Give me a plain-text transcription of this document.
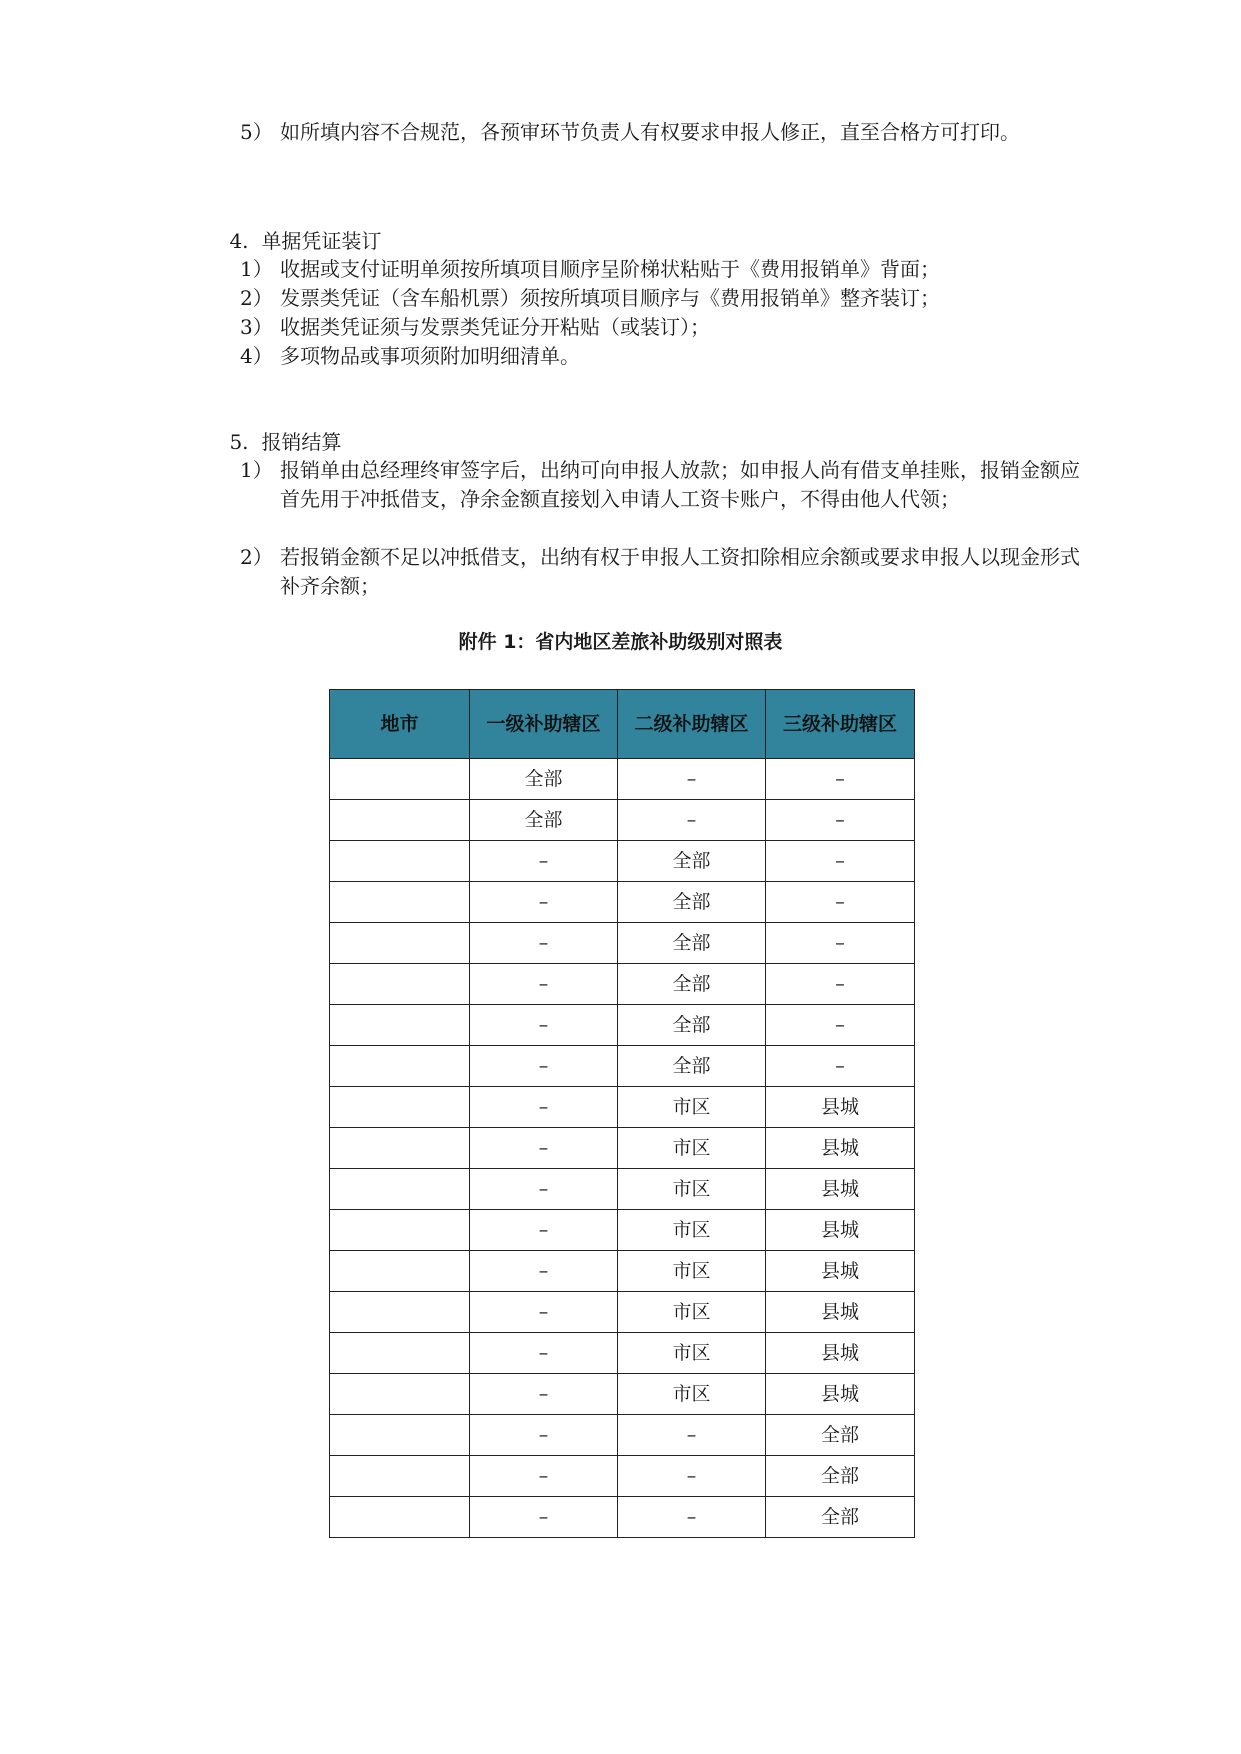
5） 如所填内容不合规范，各预审环节负责人有权要求申报人修正，直至合格方可打印。

4. 单据凭证装订

1） 收据或支付证明单须按所填项目顺序呈阶梯状粘贴于《费用报销单》背面；
2） 发票类凭证（含车船机票）须按所填项目顺序与《费用报销单》整齐装订；
3） 收据类凭证须与发票类凭证分开粘贴（或装订）；
4） 多项物品或事项须附加明细清单。

5. 报销结算

1） 报销单由总经理终审签字后，出纳可向申报人放款；如申报人尚有借支单挂账，报销金额应首先用于冲抵借支，净余金额直接划入申请人工资卡账户，不得由他人代领；
2） 若报销金额不足以冲抵借支，出纳有权于申报人工资扣除相应余额或要求申报人以现金形式补齐余额；
附件 1：省内地区差旅补助级别对照表
地市	一级补助辖区	二级补助辖区	三级补助辖区
	全部	–	–
	全部	–	–
	–	全部	–
	–	全部	–
	–	全部	–
	–	全部	–
	–	全部	–
	–	全部	–
	–	市区	县城
	–	市区	县城
	–	市区	县城
	–	市区	县城
	–	市区	县城
	–	市区	县城
	–	市区	县城
	–	市区	县城
	–	–	全部
	–	–	全部
	–	–	全部
